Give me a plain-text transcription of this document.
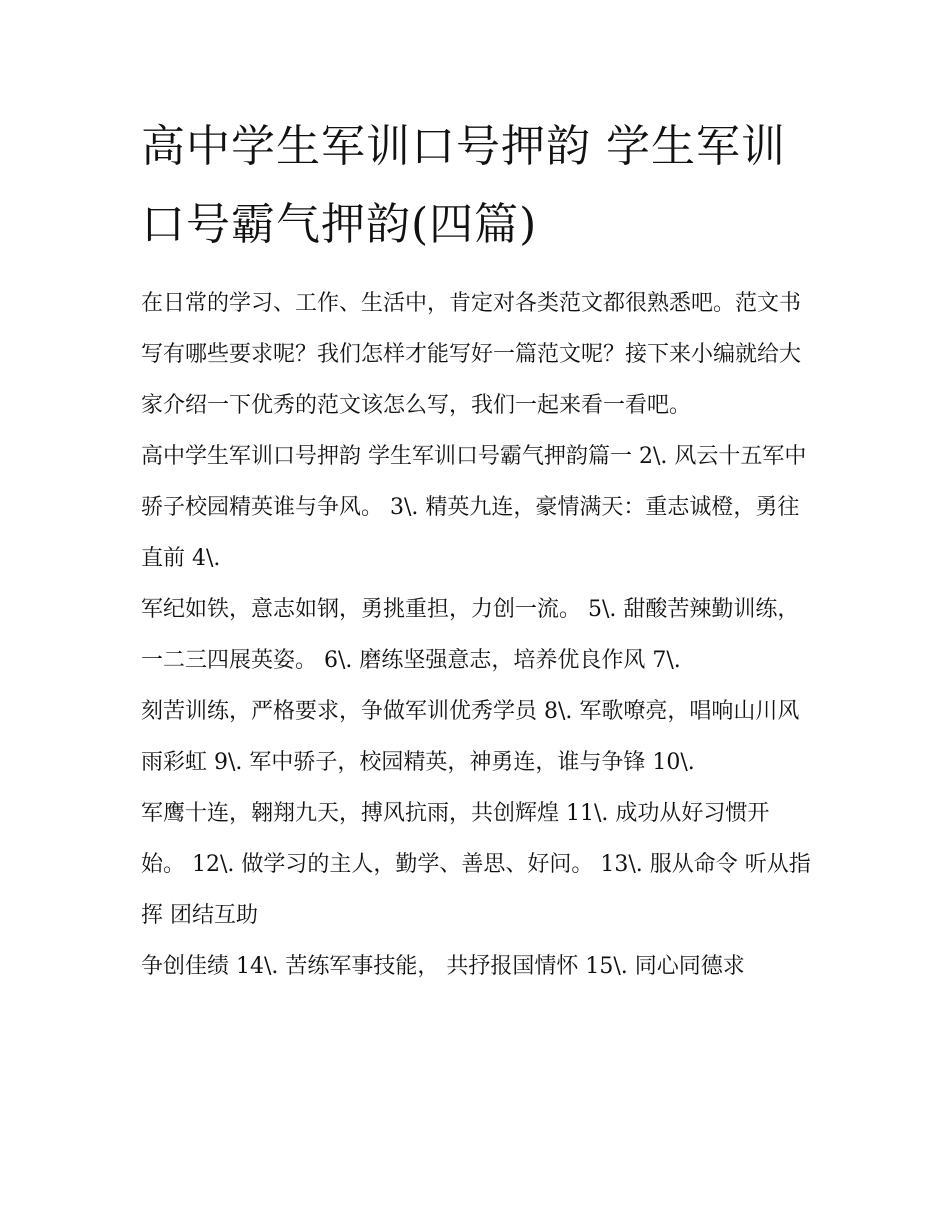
高中学生军训口号押韵 学生军训口号霸气押韵(四篇)

在日常的学习、工作、生活中，肯定对各类范文都很熟悉吧。范文书写有哪些要求呢？我们怎样才能写好一篇范文呢？接下来小编就给大家介绍一下优秀的范文该怎么写，我们一起来看一看吧。

高中学生军训口号押韵 学生军训口号霸气押韵篇一 2\. 风云十五军中骄子校园精英谁与争风。 3\. 精英九连，豪情满天：重志诚橙，勇往直前 4\.

军纪如铁，意志如钢，勇挑重担，力创一流。 5\. 甜酸苦辣勤训练，一二三四展英姿。 6\. 磨练坚强意志，培养优良作风 7\.

刻苦训练，严格要求，争做军训优秀学员 8\. 军歌嘹亮，唱响山川风雨彩虹 9\. 军中骄子，校园精英，神勇连，谁与争锋 10\.

军鹰十连，翱翔九天，搏风抗雨，共创辉煌 11\. 成功从好习惯开始。 12\. 做学习的主人，勤学、善思、好问。 13\. 服从命令 听从指挥 团结互助

争创佳绩 14\. 苦练军事技能， 共抒报国情怀 15\. 同心同德求
